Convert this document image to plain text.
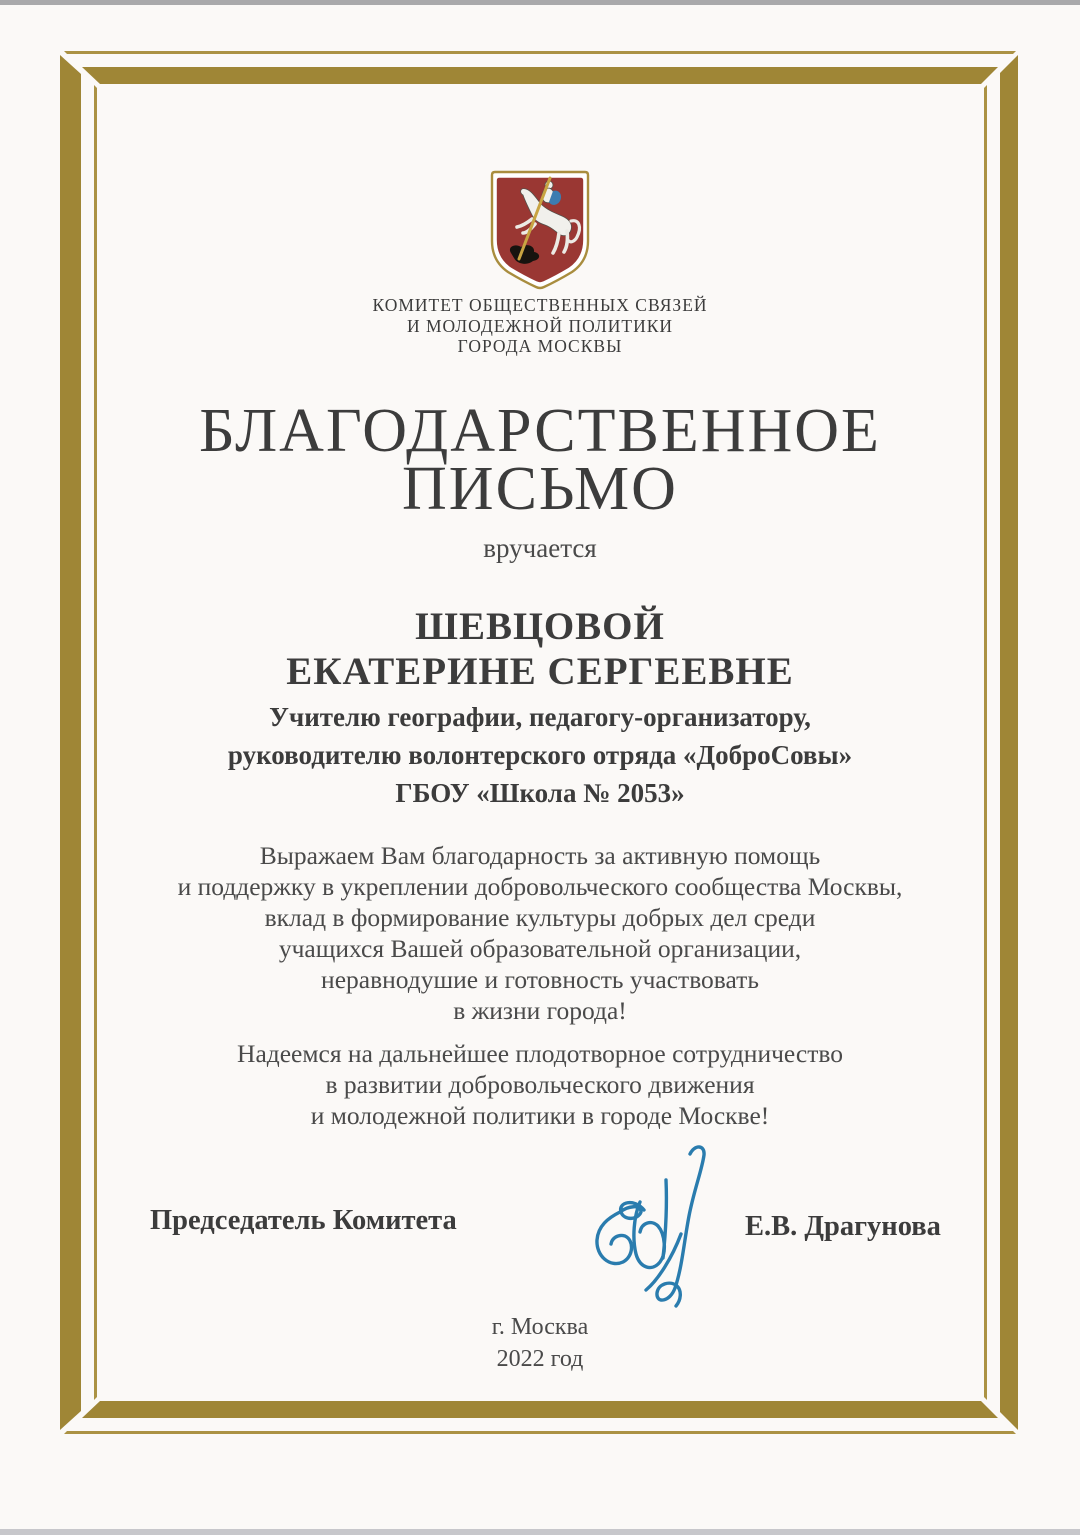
КОМИТЕТ ОБЩЕСТВЕННЫХ СВЯЗЕЙ
И МОЛОДЕЖНОЙ ПОЛИТИКИ
ГОРОДА МОСКВЫ
БЛАГОДАРСТВЕННОЕ
ПИСЬМО
вручается
ШЕВЦОВОЙ
ЕКАТЕРИНЕ СЕРГЕЕВНЕ
Учителю географии, педагогу-организатору,
руководителю волонтерского отряда «ДоброСовы»
ГБОУ «Школа № 2053»
Выражаем Вам благодарность за активную помощь
и поддержку в укреплении добровольческого сообщества Москвы,
вклад в формирование культуры добрых дел среди
учащихся Вашей образовательной организации,
неравнодушие и готовность участвовать
в жизни города!
Надеемся на дальнейшее плодотворное сотрудничество
в развитии добровольческого движения
и молодежной политики в городе Москве!
Председатель Комитета	Е.В. Драгунова
г. Москва
2022 год
